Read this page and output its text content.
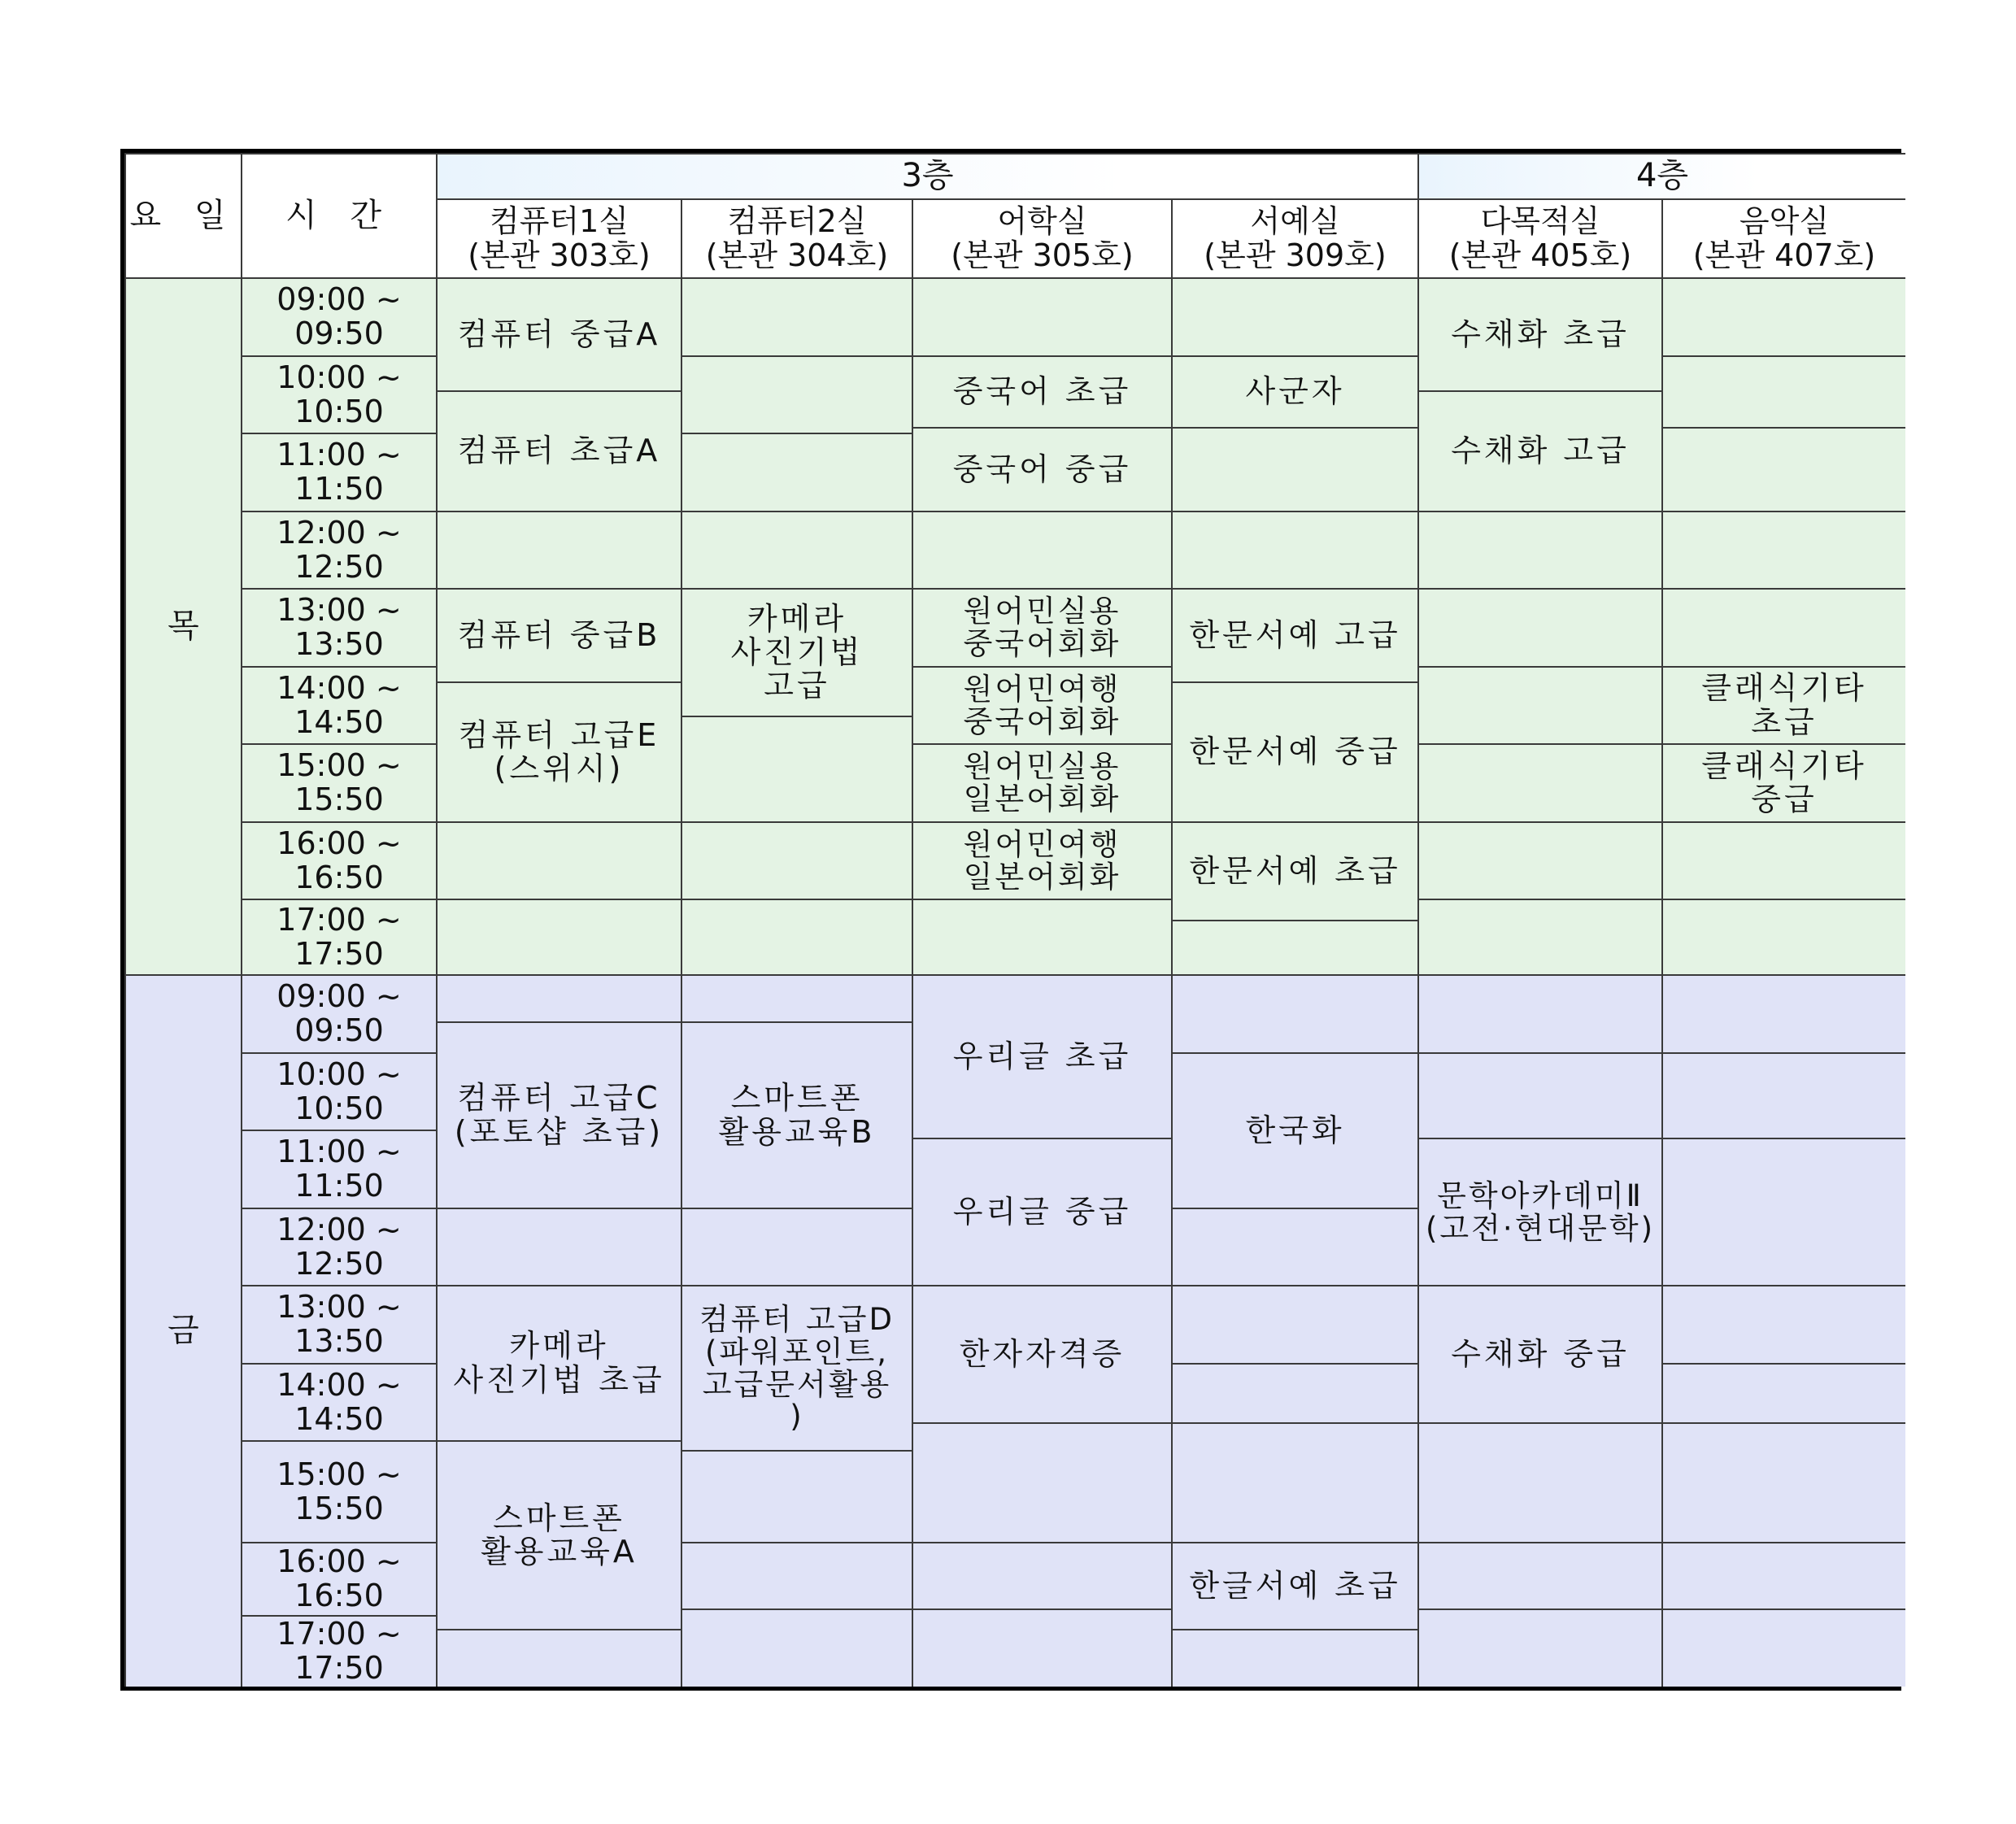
요 일	시 간
3층	4층
컴퓨터1실
(본관 303호)
컴퓨터2실
(본관 304호)
어학실
(본관 305호)
서예실
(본관 309호)
다목적실
(본관 405호)
음악실
(본관 407호)
목
09:00 ~
09:50
10:00 ~
10:50
11:00 ~
11:50
12:00 ~
12:50
13:00 ~
13:50
14:00 ~
14:50
15:00 ~
15:50
16:00 ~
16:50
17:00 ~
17:50
컴퓨터 중급A
컴퓨터 초급A
컴퓨터 중급B
컴퓨터 고급E
(스위시)
카메라
사진기법
고급
중국어 초급
중국어 중급
원어민실용
중국어회화
원어민여행
중국어회화
원어민실용
일본어회화
원어민여행
일본어회화
사군자
한문서예 고급
한문서예 중급
한문서예 초급
수채화 초급
수채화 고급
클래식기타
초급
클래식기타
중급
금
09:00 ~
09:50
10:00 ~
10:50
11:00 ~
11:50
12:00 ~
12:50
13:00 ~
13:50
14:00 ~
14:50
15:00 ~
15:50
16:00 ~
16:50
17:00 ~
17:50
컴퓨터 고급C
(포토샵 초급)
카메라
사진기법 초급
스마트폰
활용교육A
스마트폰
활용교육B
컴퓨터 고급D
(파워포인트,
고급문서활용
)
우리글 초급
우리글 중급
한자자격증
한국화
한글서예 초급
문학아카데미Ⅱ
(고전·현대문학)
수채화 중급
